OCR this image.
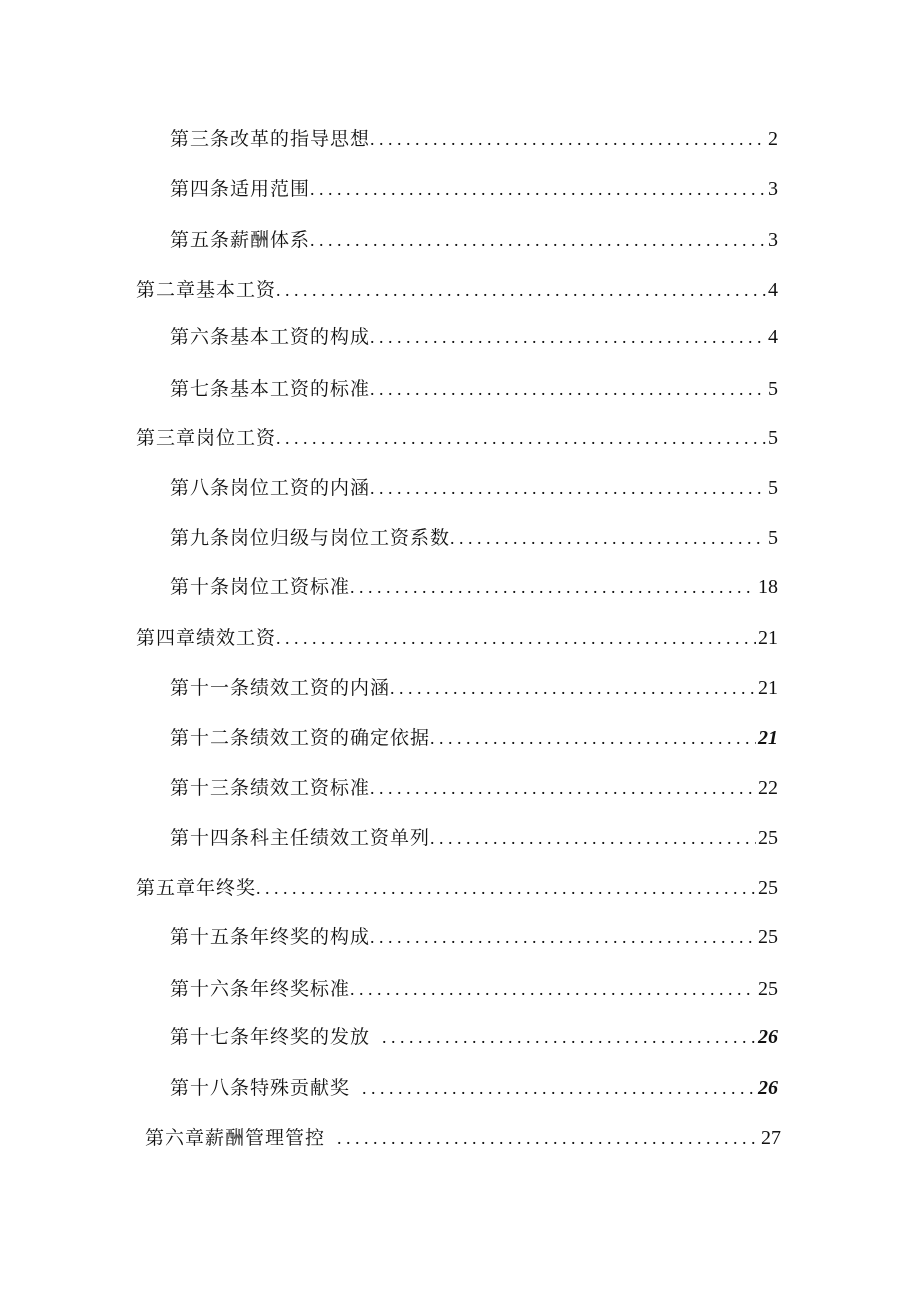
第三条改革的指导思想 . . .	2
第四条适用范围 . . .	3
第五条薪酬体系 . . .	3
第二章基本工资 . . .	4
第六条基本工资的构成 . . .	4
第七条基本工资的标准 . . .	5
第三章岗位工资 . . .	5
第八条岗位工资的内涵 . . .	5
第九条岗位归级与岗位工资系数 . . .	5
第十条岗位工资标准 . . .	18
第四章绩效工资 . . .	21
第十一条绩效工资的内涵 . . .	21
第十二条绩效工资的确定依据 . . .	21
第十三条绩效工资标准 . . .	22
第十四条科主任绩效工资单列 . . .	25
第五章年终奖 . . .	25
第十五条年终奖的构成 . . .	25
第十六条年终奖标准 . . .	25
第十七条年终奖的发放 . . .	26
第十八条特殊贡献奖 . . .	26
第六章薪酬管理管控 . . .	27
